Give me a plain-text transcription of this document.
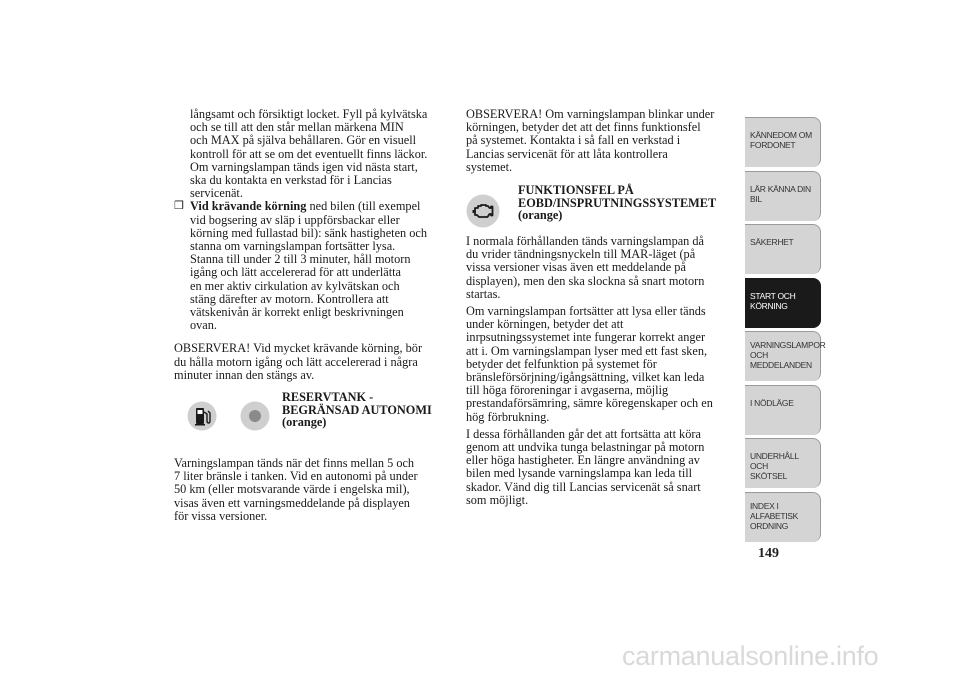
långsamt och försiktigt locket. Fyll på kylvätska

och se till att den står mellan märkena MIN

och MAX på själva behållaren. Gör en visuell

kontroll för att se om det eventuellt finns läckor.

Om varningslampan tänds igen vid nästa start,

ska du kontakta en verkstad för i Lancias

servicenät.

❒ Vid krävande körning ned bilen (till exempel

vid bogsering av släp i uppförsbackar eller

körning med fullastad bil): sänk hastigheten och

stanna om varningslampan fortsätter lysa.

Stanna till under 2 till 3 minuter, håll motorn

igång och lätt accelererad för att underlätta

en mer aktiv cirkulation av kylvätskan och

stäng därefter av motorn. Kontrollera att

vätskenivån är korrekt enligt beskrivningen

ovan.

OBSERVERA! Vid mycket krävande körning, bör

du hålla motorn igång och lätt accelererad i några

minuter innan den stängs av.

RESERVTANK -

BEGRÄNSAD AUTONOMI

(orange)

Varningslampan tänds när det finns mellan 5 och

7 liter bränsle i tanken. Vid en autonomi på under

50 km (eller motsvarande värde i engelska mil),

visas även ett varningsmeddelande på displayen

för vissa versioner.

OBSERVERA! Om varningslampan blinkar under

körningen, betyder det att det finns funktionsfel

på systemet. Kontakta i så fall en verkstad i

Lancias servicenät för att låta kontrollera

systemet.

FUNKTIONSFEL PÅ

EOBD/INSPRUTNINGSSYSTEMET

(orange)

I normala förhållanden tänds varningslampan då

du vrider tändningsnyckeln till MAR-läget (på

vissa versioner visas även ett meddelande på

displayen), men den ska slockna så snart motorn

startas.

Om varningslampan fortsätter att lysa eller tänds

under körningen, betyder det att

inrpsutningssystemet inte fungerar korrekt anger

att i. Om varningslampan lyser med ett fast sken,

betyder det felfunktion på systemet för

bränsleförsörjning/igångsättning, vilket kan leda

till höga föroreningar i avgaserna, möjlig

prestandaförsämring, sämre köregenskaper och en

hög förbrukning.

I dessa förhållanden går det att fortsätta att köra

genom att undvika tunga belastningar på motorn

eller höga hastigheter. En längre användning av

bilen med lysande varningslampa kan leda till

skador. Vänd dig till Lancias servicenät så snart

som möjligt.

KÄNNEDOM OM
FORDONET
LÄR KÄNNA DIN
BIL
SÄKERHET
START OCH
KÖRNING
VARNINGSLAMPOR
OCH
MEDDELANDEN
I NÖDLÄGE
UNDERHÅLL OCH
SKÖTSEL
INDEX I
ALFABETISK
ORDNING
149
carmanualsonline.info
